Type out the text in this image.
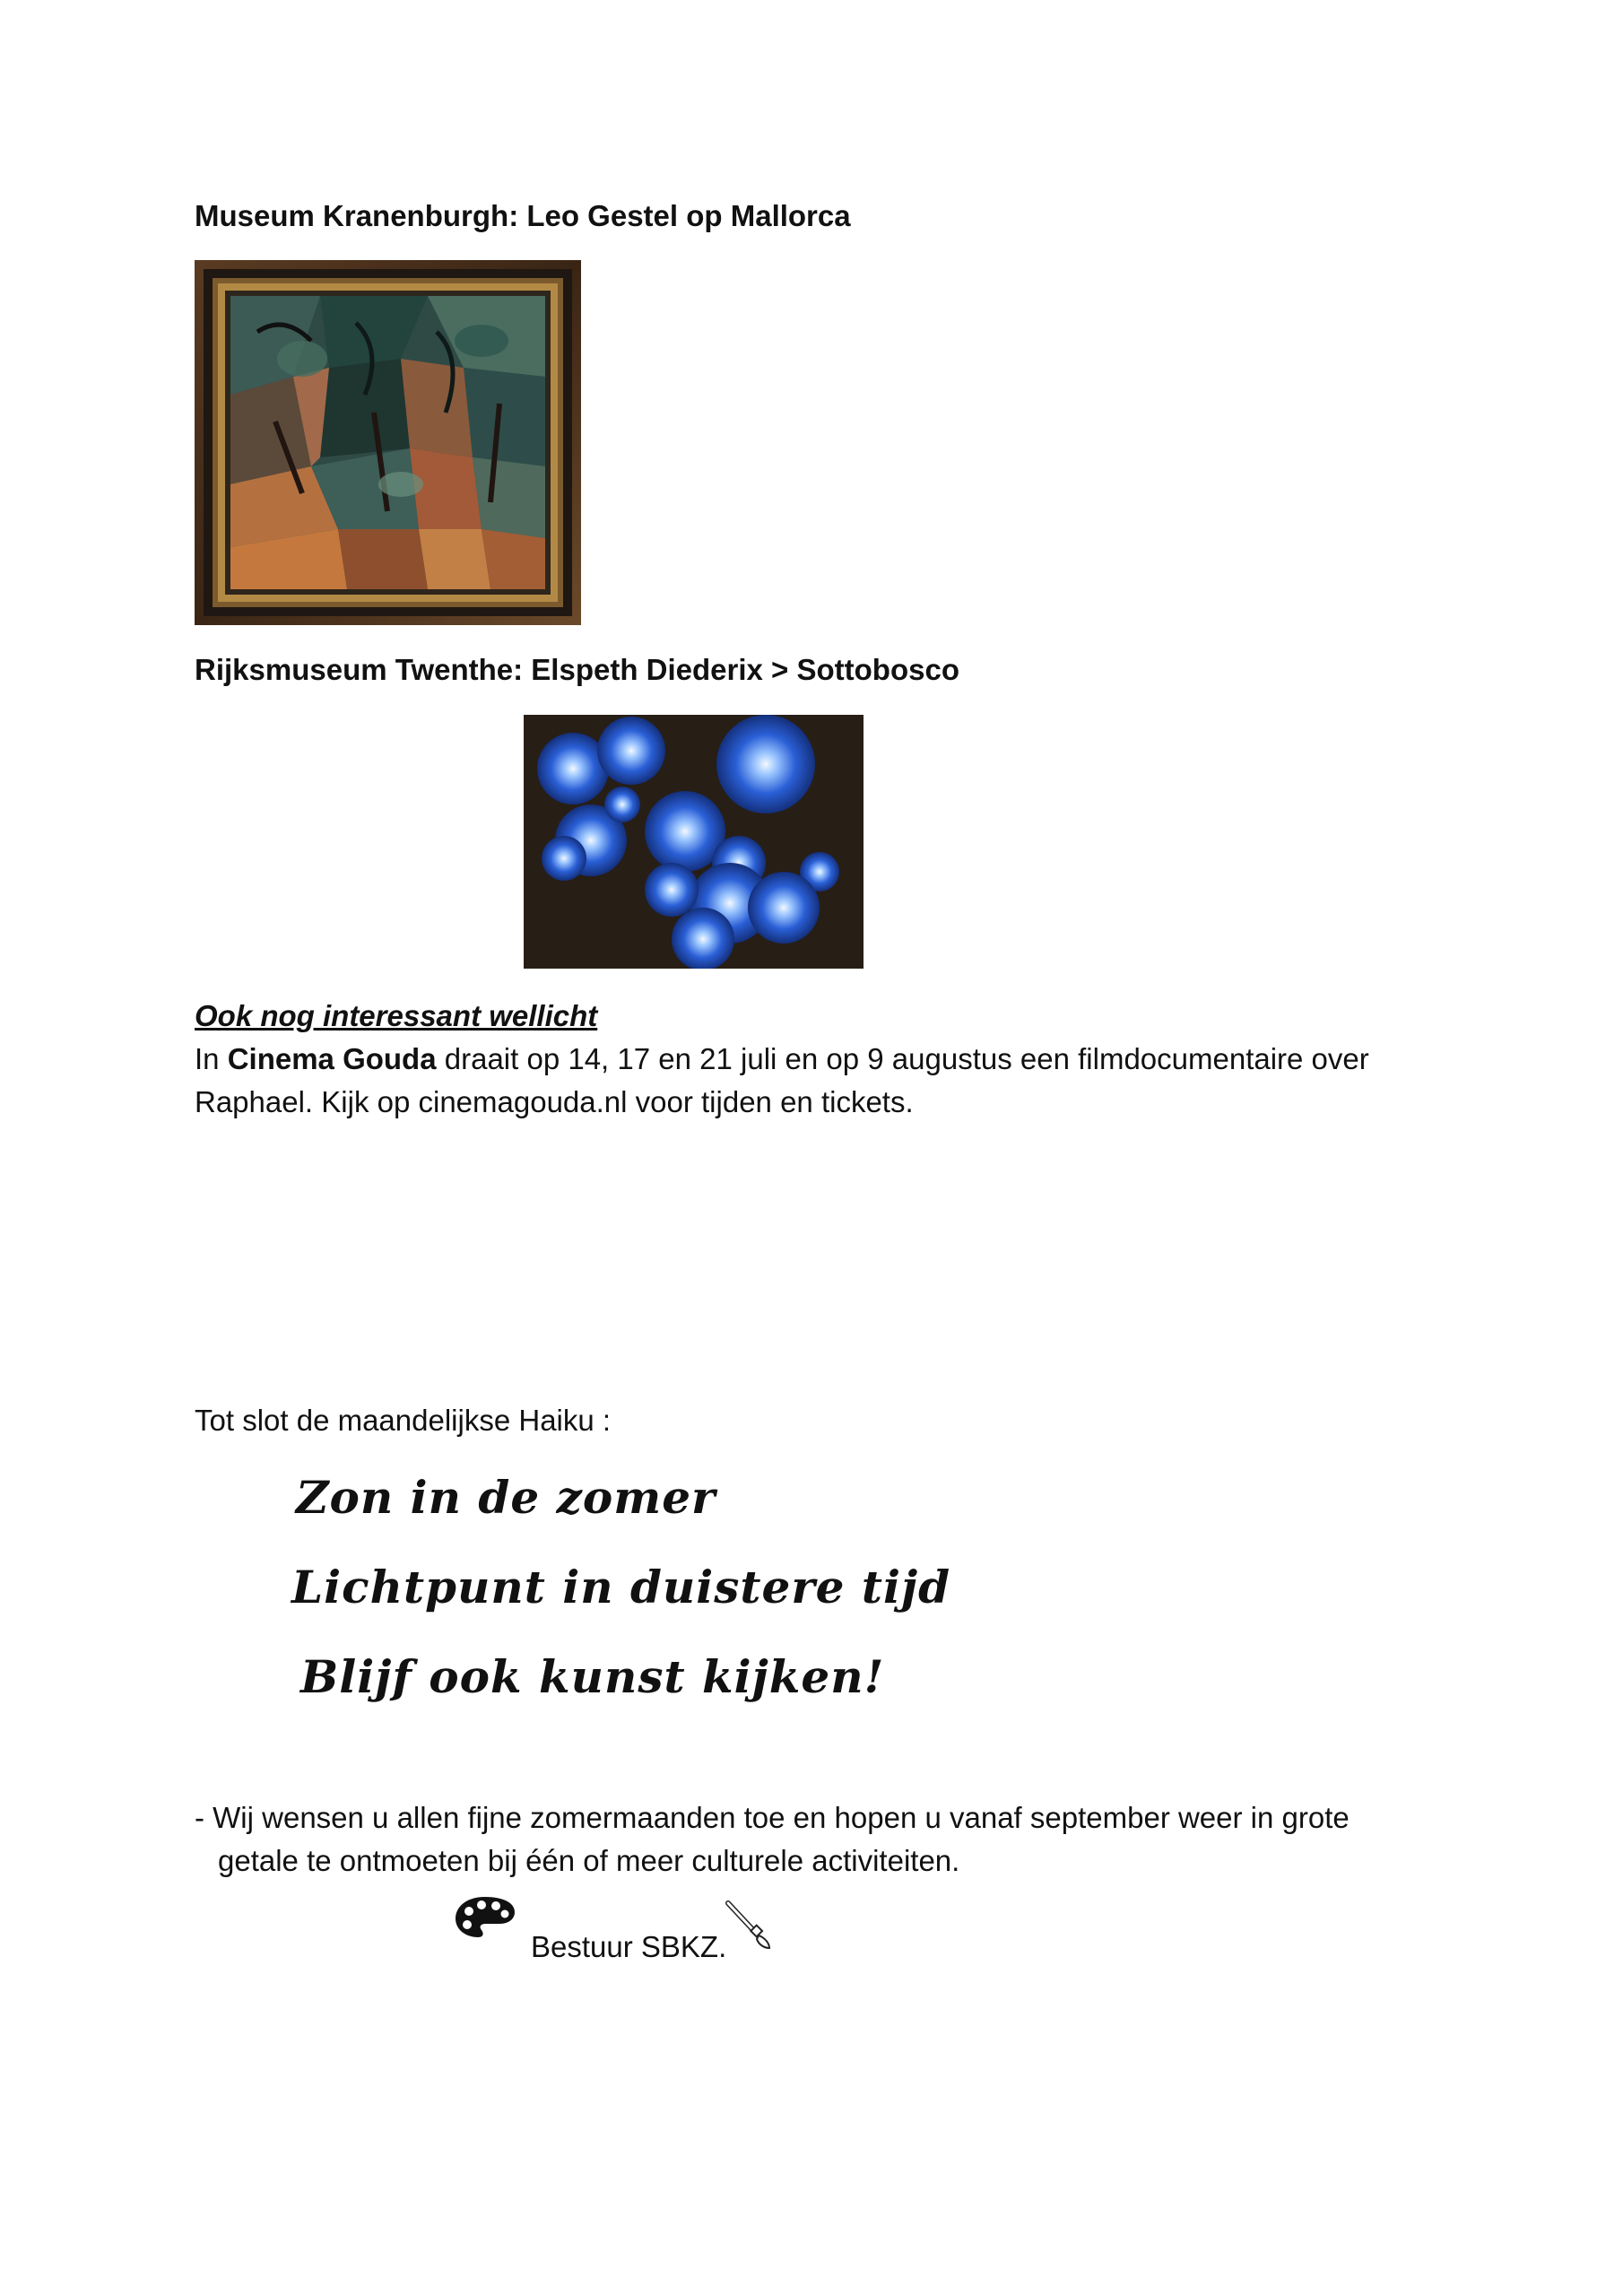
Museum Kranenburgh: Leo Gestel op Mallorca
Rijksmuseum Twenthe: Elspeth Diederix > Sottobosco
Ook nog interessant wellicht
In Cinema Gouda draait op 14, 17 en 21 juli en op 9 augustus een filmdocumentaire over
Raphael. Kijk op cinemagouda.nl voor tijden en tickets.
Tot slot de maandelijkse Haiku :
Zon in de zomer
Lichtpunt in duistere tijd
Blijf ook kunst kijken!
- Wij wensen u allen fijne zomermaanden toe en hopen u vanaf september weer in grote
getale te ontmoeten bij één of meer culturele activiteiten.
Bestuur SBKZ.
